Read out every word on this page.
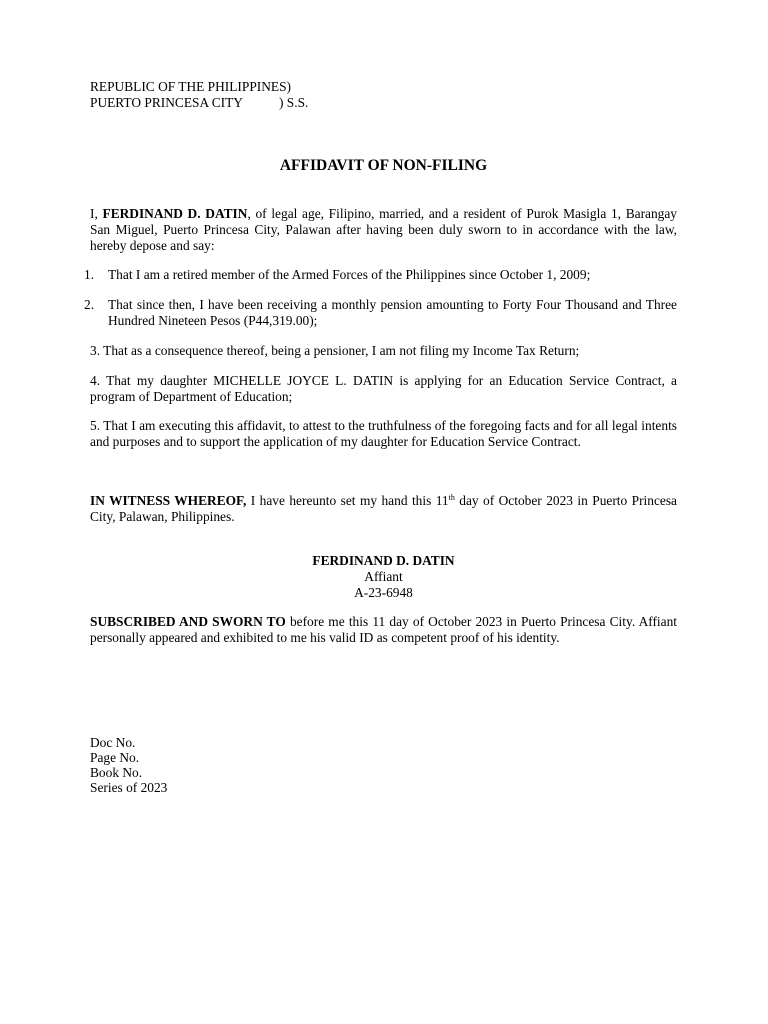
REPUBLIC OF THE PHILIPPINES)
PUERTO PRINCESA CITY	) S.S.
AFFIDAVIT OF NON-FILING
I, FERDINAND D. DATIN, of legal age, Filipino, married, and a resident of Purok Masigla 1, Barangay San Miguel, Puerto Princesa City, Palawan after having been duly sworn to in accordance with the law, hereby depose and say:
1.	That I am a retired member of the Armed Forces of the Philippines since October 1, 2009;
2.	That since then, I have been receiving a monthly pension amounting to Forty Four Thousand and Three Hundred Nineteen Pesos (P44,319.00);
3. That as a consequence thereof, being a pensioner, I am not filing my Income Tax Return;
4. That my daughter MICHELLE JOYCE L. DATIN is applying for an Education Service Contract, a program of Department of Education;
5. That I am executing this affidavit, to attest to the truthfulness of the foregoing facts and for all legal intents and purposes and to support the application of my daughter for Education Service Contract.
IN WITNESS WHEREOF, I have hereunto set my hand this 11th day of October 2023 in Puerto Princesa City, Palawan, Philippines.
FERDINAND D. DATIN
Affiant
A-23-6948
SUBSCRIBED AND SWORN TO before me this 11 day of October 2023 in Puerto Princesa City. Affiant personally appeared and exhibited to me his valid ID as competent proof of his identity.
Doc No.
Page No.
Book No.
Series of 2023
